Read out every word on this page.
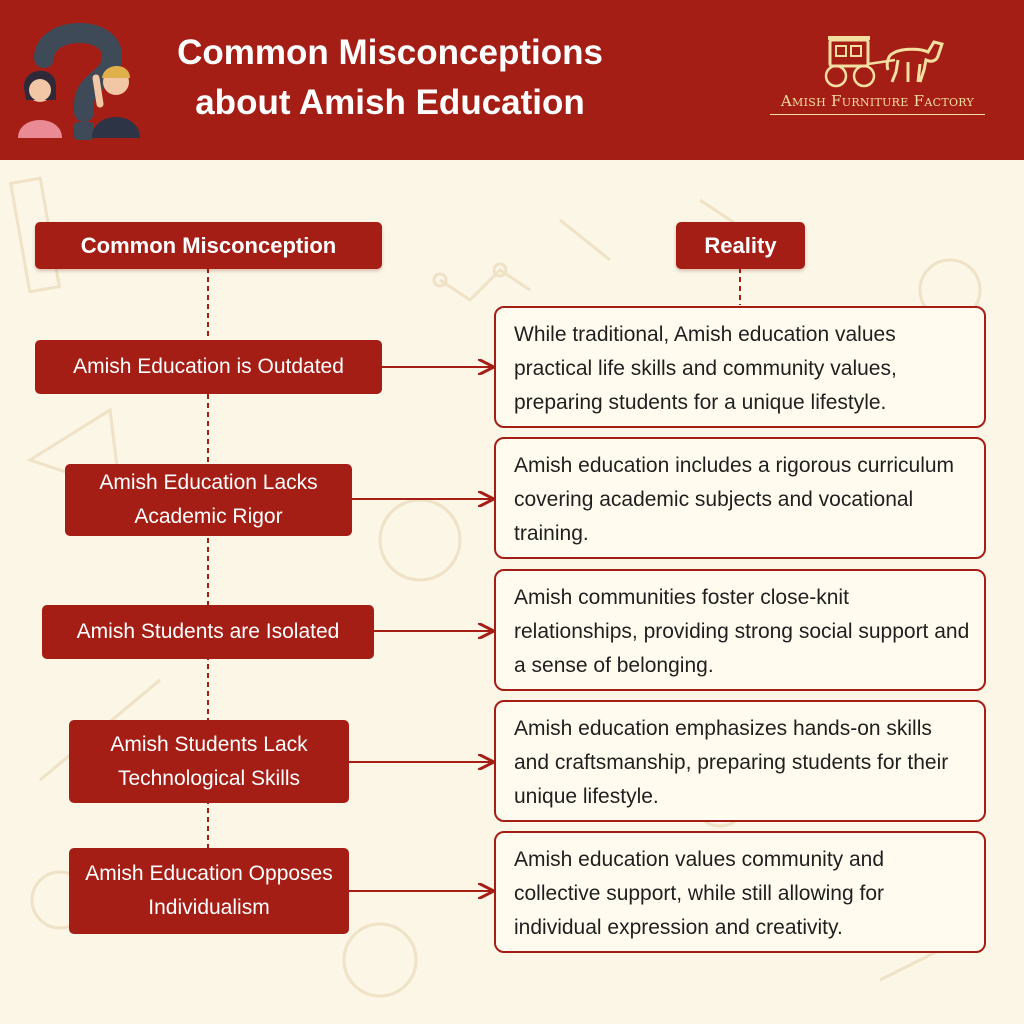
Common Misconceptions
about Amish Education	Amish Furniture Factory
Common Misconception	Reality
Amish Education is Outdated
Amish Education Lacks Academic Rigor
Amish Students are Isolated
Amish Students Lack Technological Skills
Amish Education Opposes Individualism
While traditional, Amish education values practical life skills and community values, preparing students for a unique lifestyle.
Amish education includes a rigorous curriculum covering academic subjects and vocational training.
Amish communities foster close-knit relationships, providing strong social support and a sense of belonging.
Amish education emphasizes hands-on skills and craftsmanship, preparing students for their unique lifestyle.
Amish education values community and collective support, while still allowing for individual expression and creativity.
